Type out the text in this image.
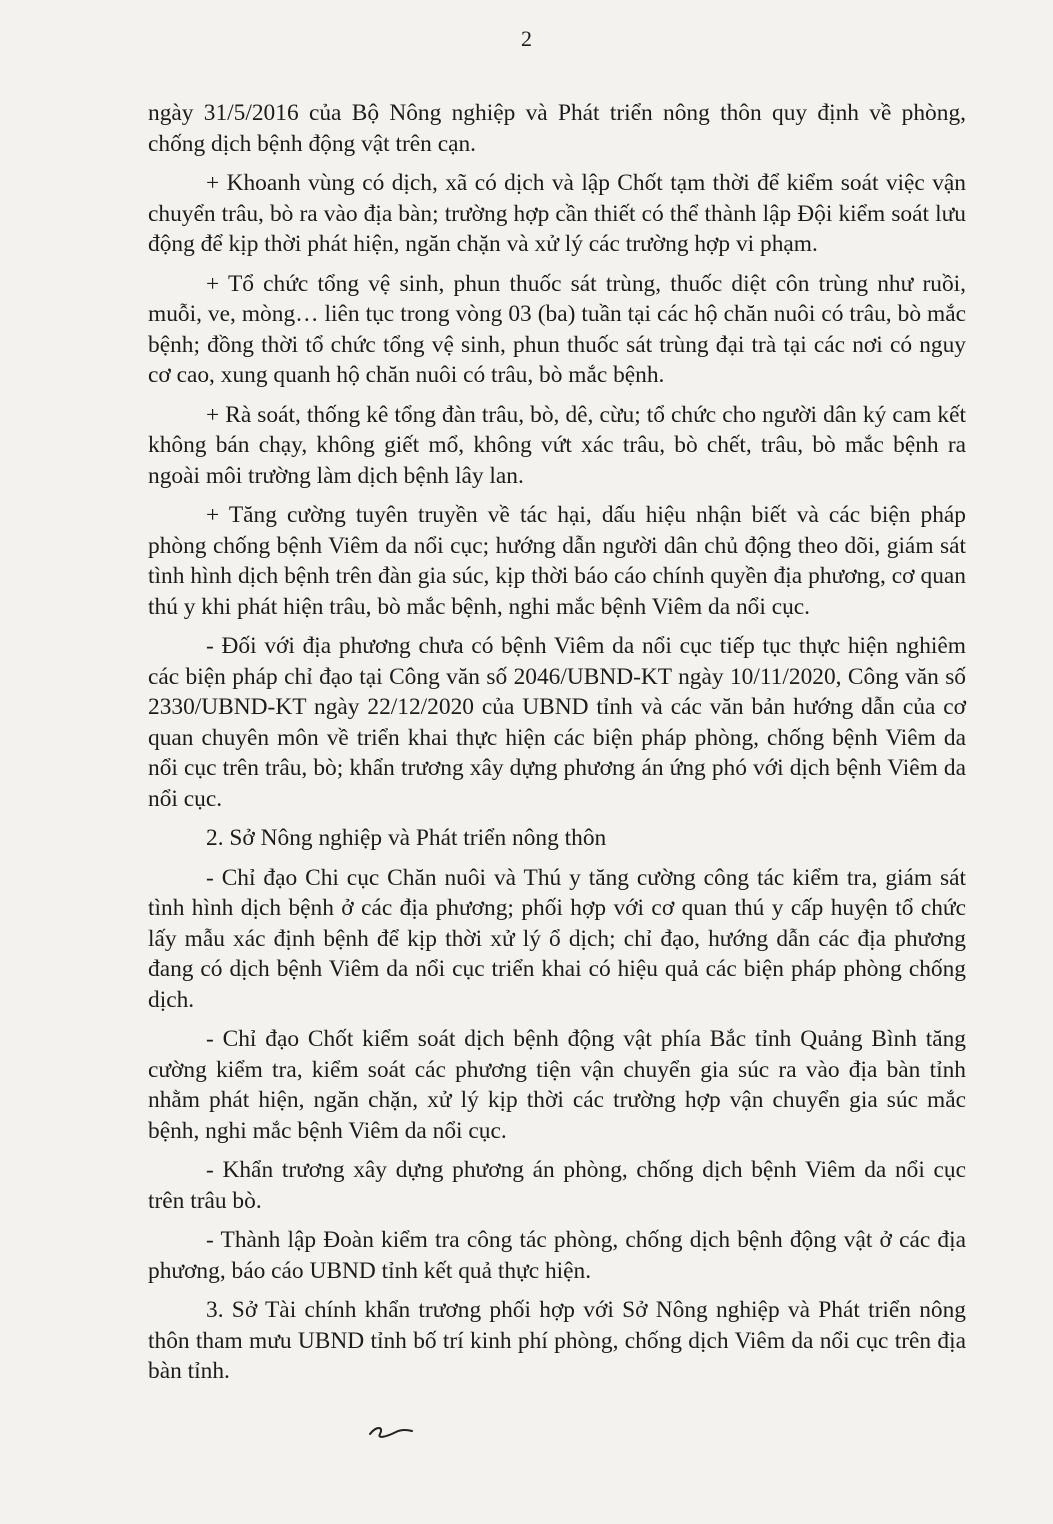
2

ngày 31/5/2016 của Bộ Nông nghiệp và Phát triển nông thôn quy định về phòng, chống dịch bệnh động vật trên cạn.

+ Khoanh vùng có dịch, xã có dịch và lập Chốt tạm thời để kiểm soát việc vận chuyển trâu, bò ra vào địa bàn; trường hợp cần thiết có thể thành lập Đội kiểm soát lưu động để kịp thời phát hiện, ngăn chặn và xử lý các trường hợp vi phạm.

+ Tổ chức tổng vệ sinh, phun thuốc sát trùng, thuốc diệt côn trùng như ruồi, muỗi, ve, mòng… liên tục trong vòng 03 (ba) tuần tại các hộ chăn nuôi có trâu, bò mắc bệnh; đồng thời tổ chức tổng vệ sinh, phun thuốc sát trùng đại trà tại các nơi có nguy cơ cao, xung quanh hộ chăn nuôi có trâu, bò mắc bệnh.

+ Rà soát, thống kê tổng đàn trâu, bò, dê, cừu; tổ chức cho người dân ký cam kết không bán chạy, không giết mổ, không vứt xác trâu, bò chết, trâu, bò mắc bệnh ra ngoài môi trường làm dịch bệnh lây lan.

+ Tăng cường tuyên truyền về tác hại, dấu hiệu nhận biết và các biện pháp phòng chống bệnh Viêm da nổi cục; hướng dẫn người dân chủ động theo dõi, giám sát tình hình dịch bệnh trên đàn gia súc, kịp thời báo cáo chính quyền địa phương, cơ quan thú y khi phát hiện trâu, bò mắc bệnh, nghi mắc bệnh Viêm da nổi cục.

- Đối với địa phương chưa có bệnh Viêm da nổi cục tiếp tục thực hiện nghiêm các biện pháp chỉ đạo tại Công văn số 2046/UBND-KT ngày 10/11/2020, Công văn số 2330/UBND-KT ngày 22/12/2020 của UBND tỉnh và các văn bản hướng dẫn của cơ quan chuyên môn về triển khai thực hiện các biện pháp phòng, chống bệnh Viêm da nổi cục trên trâu, bò; khẩn trương xây dựng phương án ứng phó với dịch bệnh Viêm da nổi cục.

2. Sở Nông nghiệp và Phát triển nông thôn

- Chỉ đạo Chi cục Chăn nuôi và Thú y tăng cường công tác kiểm tra, giám sát tình hình dịch bệnh ở các địa phương; phối hợp với cơ quan thú y cấp huyện tổ chức lấy mẫu xác định bệnh để kịp thời xử lý ổ dịch; chỉ đạo, hướng dẫn các địa phương đang có dịch bệnh Viêm da nổi cục triển khai có hiệu quả các biện pháp phòng chống dịch.

- Chỉ đạo Chốt kiểm soát dịch bệnh động vật phía Bắc tỉnh Quảng Bình tăng cường kiểm tra, kiểm soát các phương tiện vận chuyển gia súc ra vào địa bàn tỉnh nhằm phát hiện, ngăn chặn, xử lý kịp thời các trường hợp vận chuyển gia súc mắc bệnh, nghi mắc bệnh Viêm da nổi cục.

- Khẩn trương xây dựng phương án phòng, chống dịch bệnh Viêm da nổi cục trên trâu bò.

- Thành lập Đoàn kiểm tra công tác phòng, chống dịch bệnh động vật ở các địa phương, báo cáo UBND tỉnh kết quả thực hiện.

3. Sở Tài chính khẩn trương phối hợp với Sở Nông nghiệp và Phát triển nông thôn tham mưu UBND tỉnh bố trí kinh phí phòng, chống dịch Viêm da nổi cục trên địa bàn tỉnh.
